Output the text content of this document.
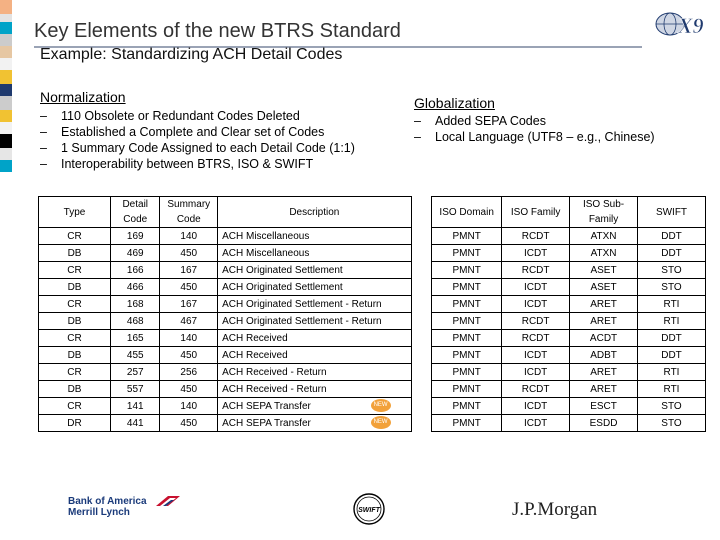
Key Elements of the new BTRS Standard
Example: Standardizing ACH Detail Codes
X9
Normalization
– 110 Obsolete or Redundant Codes Deleted
– Established a Complete and Clear set of Codes
– 1 Summary Code Assigned to each Detail Code (1:1)
– Interoperability between BTRS, ISO & SWIFT
Globalization
– Added SEPA Codes
– Local Language (UTF8 – e.g., Chinese)
Type	Detail Code	Summary Code	Description		ISO Domain	ISO Family	ISO Sub-Family	SWIFT
CR	169	140	ACH Miscellaneous		PMNT	RCDT	ATXN	DDT
DB	469	450	ACH Miscellaneous		PMNT	ICDT	ATXN	DDT
CR	166	167	ACH Originated Settlement		PMNT	RCDT	ASET	STO
DB	466	450	ACH Originated Settlement		PMNT	ICDT	ASET	STO
CR	168	167	ACH Originated Settlement - Return		PMNT	ICDT	ARET	RTI
DB	468	467	ACH Originated Settlement - Return		PMNT	RCDT	ARET	RTI
CR	165	140	ACH Received		PMNT	RCDT	ACDT	DDT
DB	455	450	ACH Received		PMNT	ICDT	ADBT	DDT
CR	257	256	ACH Received - Return		PMNT	ICDT	ARET	RTI
DB	557	450	ACH Received - Return		PMNT	RCDT	ARET	RTI
CR	141	140	ACH SEPA Transfer NEW		PMNT	ICDT	ESCT	STO
DR	441	450	ACH SEPA Transfer NEW		PMNT	ICDT	ESDD	STO
Bank of America
Merrill Lynch	SWIFT	J.P.Morgan
